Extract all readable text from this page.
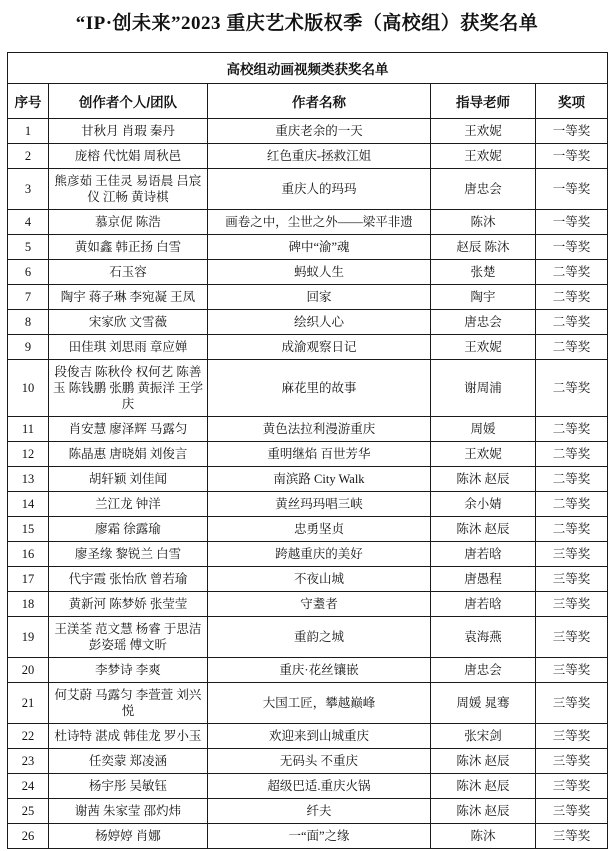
“IP·创未来”2023 重庆艺术版权季（高校组）获奖名单
高校组动画视频类获奖名单				
序号	创作者个人/团队	作者名称	指导老师	奖项
1	甘秋月 肖瑕 秦丹	重庆老余的一天	王欢妮	一等奖
2	庞榕 代忱娟 周秋邑	红色重庆-拯救江姐	王欢妮	一等奖
3	熊彦茹 王佳灵 易语晨 吕宸仪 江畅 黄诗棋	重庆人的玛玛	唐忠会	一等奖
4	慕京伲 陈浩	画卷之中，尘世之外——梁平非遗	陈沐	一等奖
5	黄如鑫 韩正扬 白雪	碑中“渝”魂	赵辰 陈沐	一等奖
6	石玉容	蚂蚁人生	张楚	二等奖
7	陶宇 蒋子琳 李宛凝 王凤	回家	陶宇	二等奖
8	宋家欣 文雪薇	绘织人心	唐忠会	二等奖
9	田佳琪 刘思雨 章应婵	成渝观察日记	王欢妮	二等奖
10	段俊吉 陈秋伶 权何艺 陈善玉 陈钱鹏 张鹏 黄振洋 王学庆	麻花里的故事	谢周浦	二等奖
11	肖安慧 廖泽辉 马露匀	黄色法拉利漫游重庆	周媛	二等奖
12	陈晶惠 唐晓娟 刘俊言	重明继焰 百世芳华	王欢妮	二等奖
13	胡轩颖 刘佳闻	南滨路 City Walk	陈沐 赵辰	二等奖
14	兰江龙 钟洋	黄丝玛玛唱三峡	余小婧	二等奖
15	廖霜 徐露瑜	忠勇坚贞	陈沐 赵辰	二等奖
16	廖圣缘 黎锐兰 白雪	跨越重庆的美好	唐若晗	三等奖
17	代宇霞 张怡欣 曾若瑜	不夜山城	唐愚程	三等奖
18	黄新河 陈梦娇 张莹莹	守耋者	唐若晗	三等奖
19	王渼荃 范文慧 杨睿 于思洁 彭姿瑶 傅文昕	重韵之城	袁海燕	三等奖
20	李梦诗 李爽	重庆·花丝镶嵌	唐忠会	三等奖
21	何艾蔚 马露匀 李萱萱 刘兴悦	大国工匠，攀越巅峰	周媛 晁骞	三等奖
22	杜诗特 湛成 韩佳龙 罗小玉	欢迎来到山城重庆	张宋剑	三等奖
23	任奕蒙 郑凌涵	无码头 不重庆	陈沐 赵辰	三等奖
24	杨宇彤 吴敏钰	超级巴适.重庆火锅	陈沐 赵辰	三等奖
25	谢茜 朱家莹 邵灼炜	纤夫	陈沐 赵辰	三等奖
26	杨婷婷 肖娜	一“面”之缘	陈沐	三等奖
